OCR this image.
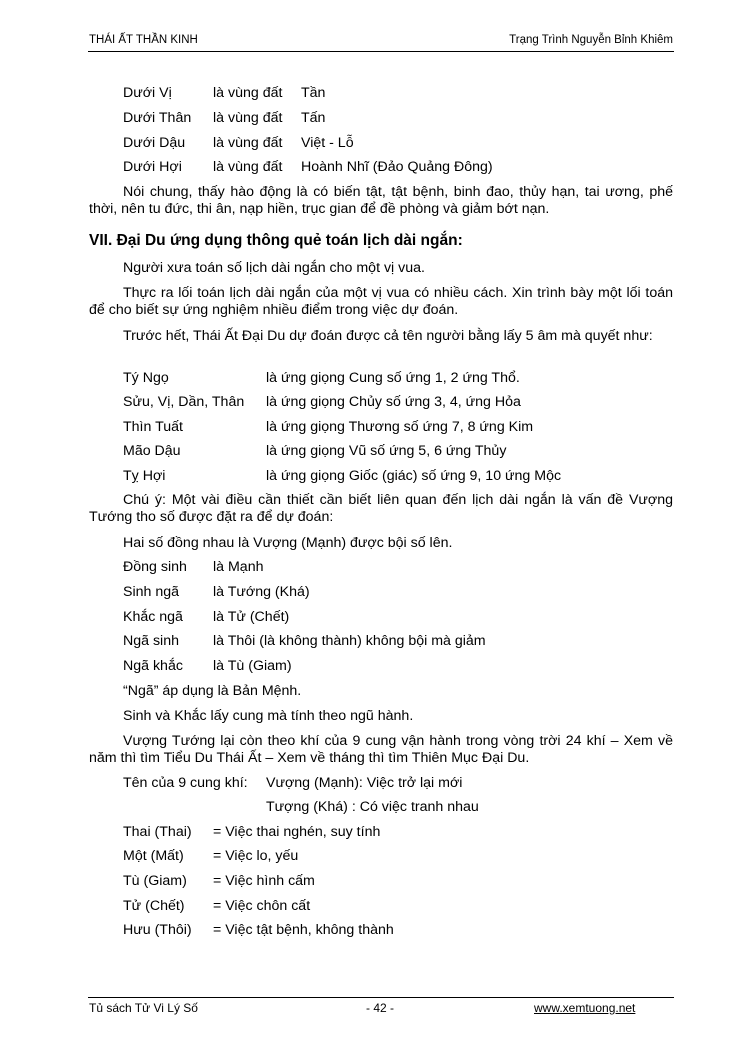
THÁI ẤT THẦN KINH	Trạng Trình Nguyễn Bỉnh Khiêm
Dưới Vị	là vùng đất Tần
Dưới Thân là vùng đất Tấn
Dưới Dậu là vùng đất Việt - Lỗ
Dưới Hợi là vùng đất Hoành Nhĩ (Đảo Quảng Đông)
Nói chung, thấy hào động là có biến tật, tật bệnh, binh đao, thủy hạn, tai ương, phế thời, nên tu đức, thi ân, nạp hiền, trục gian để đề phòng và giảm bớt nạn.
VII. Đại Du ứng dụng thông quẻ toán lịch dài ngắn:
Người xưa toán số lịch dài ngắn cho một vị vua.
Thực ra lối toán lịch dài ngắn của một vị vua có nhiều cách. Xin trình bày một lối toán để cho biết sự ứng nghiệm nhiều điểm trong việc dự đoán.
Trước hết, Thái Ất Đại Du dự đoán được cả tên người bằng lấy 5 âm mà quyết như:
Tý Ngọ	là ứng giọng Cung số ứng 1, 2 ứng Thổ.
Sửu, Vị, Dần, Thân là ứng giọng Chủy số ứng 3, 4, ứng Hỏa
Thìn Tuất	là ứng giọng Thương số ứng 7, 8 ứng Kim
Mão Dậu	là ứng giọng Vũ số ứng 5, 6 ứng Thủy
Tỵ Hợi	là ứng giọng Giốc (giác) số ứng 9, 10 ứng Mộc
Chú ý: Một vài điều cần thiết cần biết liên quan đến lịch dài ngắn là vấn đề Vượng Tướng tho số được đặt ra để dự đoán:
Hai số đồng nhau là Vượng (Mạnh) được bội số lên.
Đồng sinh là Mạnh
Sinh ngã là Tướng (Khá)
Khắc ngã là Tử (Chết)
Ngã sinh là Thôi (là không thành) không bội mà giảm
Ngã khắc là Tù (Giam)
“Ngã” áp dụng là Bản Mệnh.
Sinh và Khắc lấy cung mà tính theo ngũ hành.
Vượng Tướng lại còn theo khí của 9 cung vận hành trong vòng trời 24 khí – Xem về năm thì tìm Tiểu Du Thái Ất – Xem về tháng thì tìm Thiên Mục Đại Du.
Tên của 9 cung khí: Vượng (Mạnh): Việc trở lại mới
Tượng (Khá) : Có việc tranh nhau
Thai (Thai) = Việc thai nghén, suy tính
Một (Mất) = Việc lo, yếu
Tù (Giam) = Việc hình cấm
Tử (Chết) = Việc chôn cất
Hưu (Thôi) = Việc tật bệnh, không thành
Tủ sách Tử Vi Lý Số	- 42 -	www.xemtuong.net
